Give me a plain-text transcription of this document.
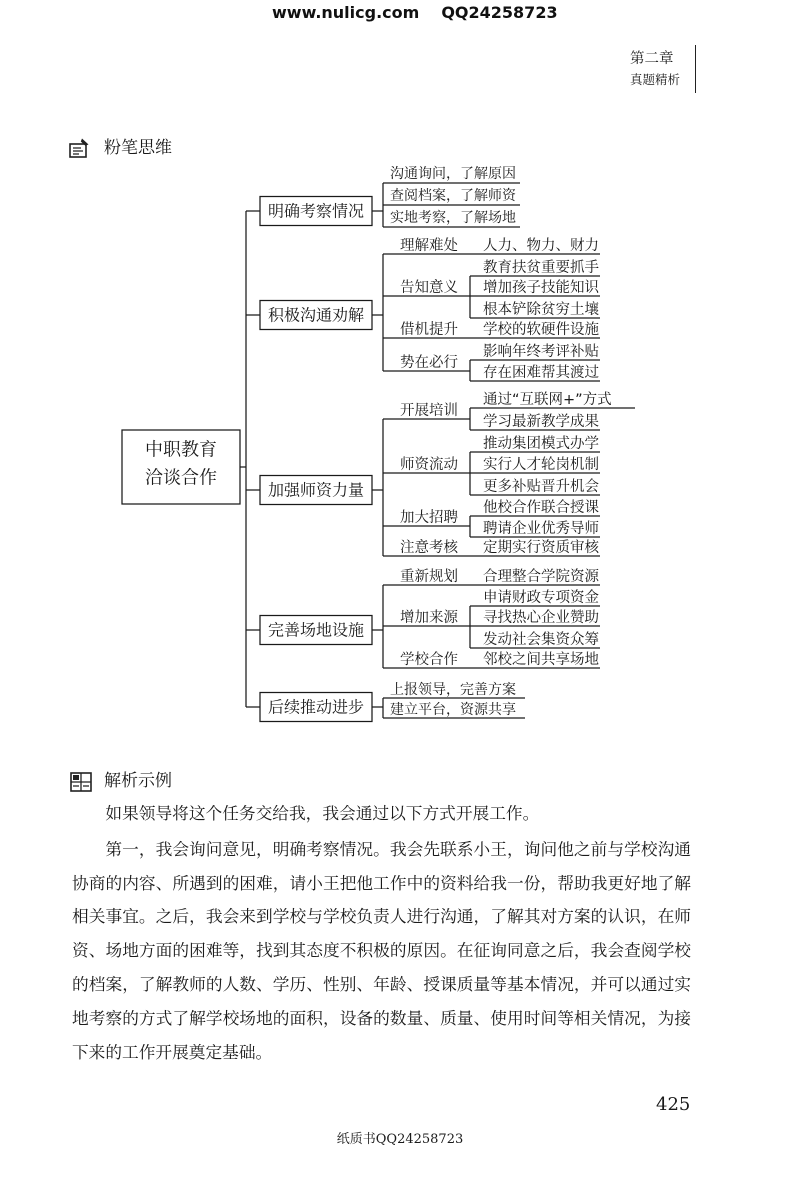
www.nulicg.com QQ24258723
第二章
真题精析
粉笔思维
中职教育
洽谈合作
明确考察情况
积极沟通劝解
加强师资力量
完善场地设施
后续推动进步
沟通询问，了解原因
查阅档案，了解师资
实地考察，了解场地
理解难处 人力、物力、财力
告知意义
教育扶贫重要抓手
增加孩子技能知识
根本铲除贫穷土壤
借机提升 学校的软硬件设施
势在必行
影响年终考评补贴
存在困难帮其渡过
开展培训
通过“互联网+”方式
学习最新教学成果
师资流动
推动集团模式办学
实行人才轮岗机制
更多补贴晋升机会
加大招聘
他校合作联合授课
聘请企业优秀导师
注意考核 定期实行资质审核
重新规划 合理整合学院资源
增加来源
申请财政专项资金
寻找热心企业赞助
发动社会集资众筹
学校合作 邻校之间共享场地
上报领导，完善方案
建立平台，资源共享
解析示例

如果领导将这个任务交给我，我会通过以下方式开展工作。

第一，我会询问意见，明确考察情况。我会先联系小王，询问他之前与学校沟通协商的内容、所遇到的困难，请小王把他工作中的资料给我一份，帮助我更好地了解相关事宜。之后，我会来到学校与学校负责人进行沟通，了解其对方案的认识，在师资、场地方面的困难等，找到其态度不积极的原因。在征询同意之后，我会查阅学校的档案，了解教师的人数、学历、性别、年龄、授课质量等基本情况，并可以通过实地考察的方式了解学校场地的面积，设备的数量、质量、使用时间等相关情况，为接下来的工作开展奠定基础。

425
纸质书QQ24258723
